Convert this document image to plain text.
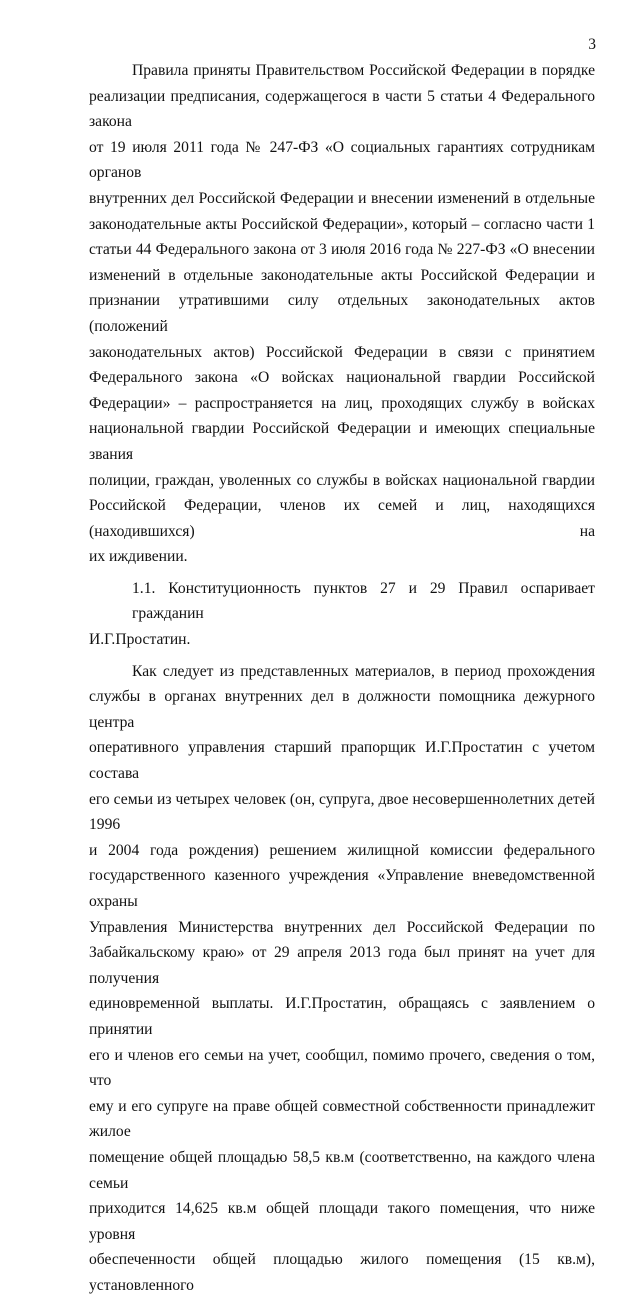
3

Правила приняты Правительством Российской Федерации в порядке

реализации предписания, содержащегося в части 5 статьи 4 Федерального закона

от 19 июля 2011 года № 247-ФЗ «О социальных гарантиях сотрудникам органов

внутренних дел Российской Федерации и внесении изменений в отдельные

законодательные акты Российской Федерации», который – согласно части 1

статьи 44 Федерального закона от 3 июля 2016 года № 227-ФЗ «О внесении

изменений в отдельные законодательные акты Российской Федерации и

признании утратившими силу отдельных законодательных актов (положений

законодательных актов) Российской Федерации в связи с принятием

Федерального закона «О войсках национальной гвардии Российской

Федерации» – распространяется на лиц, проходящих службу в войсках

национальной гвардии Российской Федерации и имеющих специальные звания

полиции, граждан, уволенных со службы в войсках национальной гвардии

Российской Федерации, членов их семей и лиц, находящихся (находившихся) на

их иждивении.

1.1. Конституционность пунктов 27 и 29 Правил оспаривает гражданин

И.Г.Простатин.

Как следует из представленных материалов, в период прохождения

службы в органах внутренних дел в должности помощника дежурного центра

оперативного управления старший прапорщик И.Г.Простатин с учетом состава

его семьи из четырех человек (он, супруга, двое несовершеннолетних детей 1996

и 2004 года рождения) решением жилищной комиссии федерального

государственного казенного учреждения «Управление вневедомственной охраны

Управления Министерства внутренних дел Российской Федерации по

Забайкальскому краю» от 29 апреля 2013 года был принят на учет для получения

единовременной выплаты. И.Г.Простатин, обращаясь с заявлением о принятии

его и членов его семьи на учет, сообщил, помимо прочего, сведения о том, что

ему и его супруге на праве общей совместной собственности принадлежит жилое

помещение общей площадью 58,5 кв.м (соответственно, на каждого члена семьи

приходится 14,625 кв.м общей площади такого помещения, что ниже уровня

обеспеченности общей площадью жилого помещения (15 кв.м), установленного
